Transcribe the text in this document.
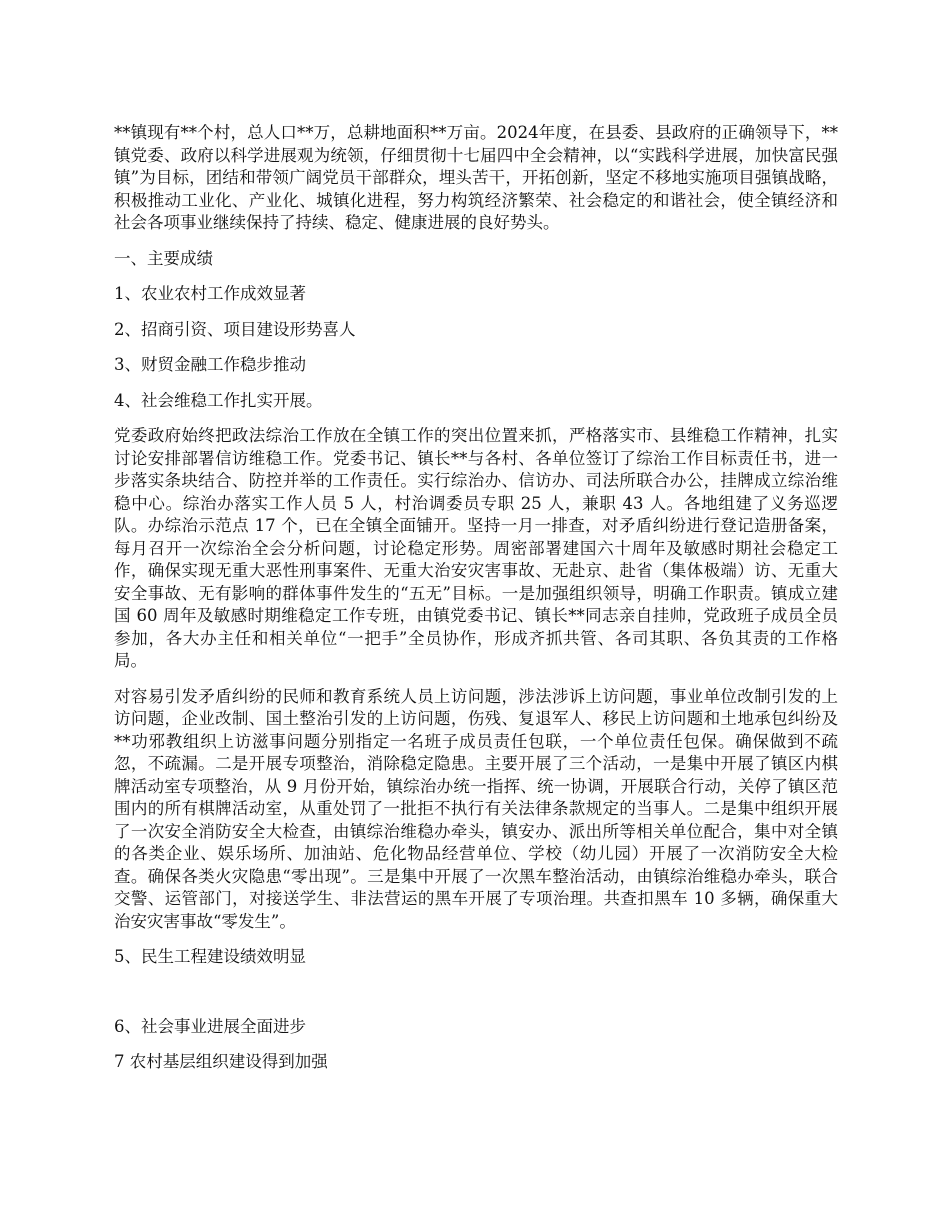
**镇现有**个村，总人口**万，总耕地面积**万亩。2024年度，在县委、县政府的正确领导下，**镇党委、政府以科学进展观为统领，仔细贯彻十七届四中全会精神，以“实践科学进展，加快富民强镇”为目标，团结和带领广阔党员干部群众，埋头苦干，开拓创新，坚定不移地实施项目强镇战略，积极推动工业化、产业化、城镇化进程，努力构筑经济繁荣、社会稳定的和谐社会，使全镇经济和社会各项事业继续保持了持续、稳定、健康进展的良好势头。

一、主要成绩

1、农业农村工作成效显著

2、招商引资、项目建设形势喜人

3、财贸金融工作稳步推动

4、社会维稳工作扎实开展。

党委政府始终把政法综治工作放在全镇工作的突出位置来抓，严格落实市、县维稳工作精神，扎实讨论安排部署信访维稳工作。党委书记、镇长**与各村、各单位签订了综治工作目标责任书，进一步落实条块结合、防控并举的工作责任。实行综治办、信访办、司法所联合办公，挂牌成立综治维稳中心。综治办落实工作人员 5 人，村治调委员专职 25 人，兼职 43 人。各地组建了义务巡逻队。办综治示范点 17 个，已在全镇全面铺开。坚持一月一排查，对矛盾纠纷进行登记造册备案，每月召开一次综治全会分析问题，讨论稳定形势。周密部署建国六十周年及敏感时期社会稳定工作，确保实现无重大恶性刑事案件、无重大治安灾害事故、无赴京、赴省（集体极端）访、无重大安全事故、无有影响的群体事件发生的“五无”目标。一是加强组织领导，明确工作职责。镇成立建国 60 周年及敏感时期维稳定工作专班，由镇党委书记、镇长**同志亲自挂帅，党政班子成员全员参加，各大办主任和相关单位“一把手”全员协作，形成齐抓共管、各司其职、各负其责的工作格局。

对容易引发矛盾纠纷的民师和教育系统人员上访问题，涉法涉诉上访问题，事业单位改制引发的上访问题，企业改制、国土整治引发的上访问题，伤残、复退军人、移民上访问题和土地承包纠纷及**功邪教组织上访滋事问题分别指定一名班子成员责任包联，一个单位责任包保。确保做到不疏忽，不疏漏。二是开展专项整治，消除稳定隐患。主要开展了三个活动，一是集中开展了镇区内棋牌活动室专项整治，从 9 月份开始，镇综治办统一指挥、统一协调，开展联合行动，关停了镇区范围内的所有棋牌活动室，从重处罚了一批拒不执行有关法律条款规定的当事人。二是集中组织开展了一次安全消防安全大检查，由镇综治维稳办牵头，镇安办、派出所等相关单位配合，集中对全镇的各类企业、娱乐场所、加油站、危化物品经营单位、学校（幼儿园）开展了一次消防安全大检查。确保各类火灾隐患“零出现”。三是集中开展了一次黑车整治活动，由镇综治维稳办牵头，联合交警、运管部门，对接送学生、非法营运的黑车开展了专项治理。共查扣黑车 10 多辆，确保重大治安灾害事故“零发生”。

5、民生工程建设绩效明显

6、社会事业进展全面进步

7 农村基层组织建设得到加强
